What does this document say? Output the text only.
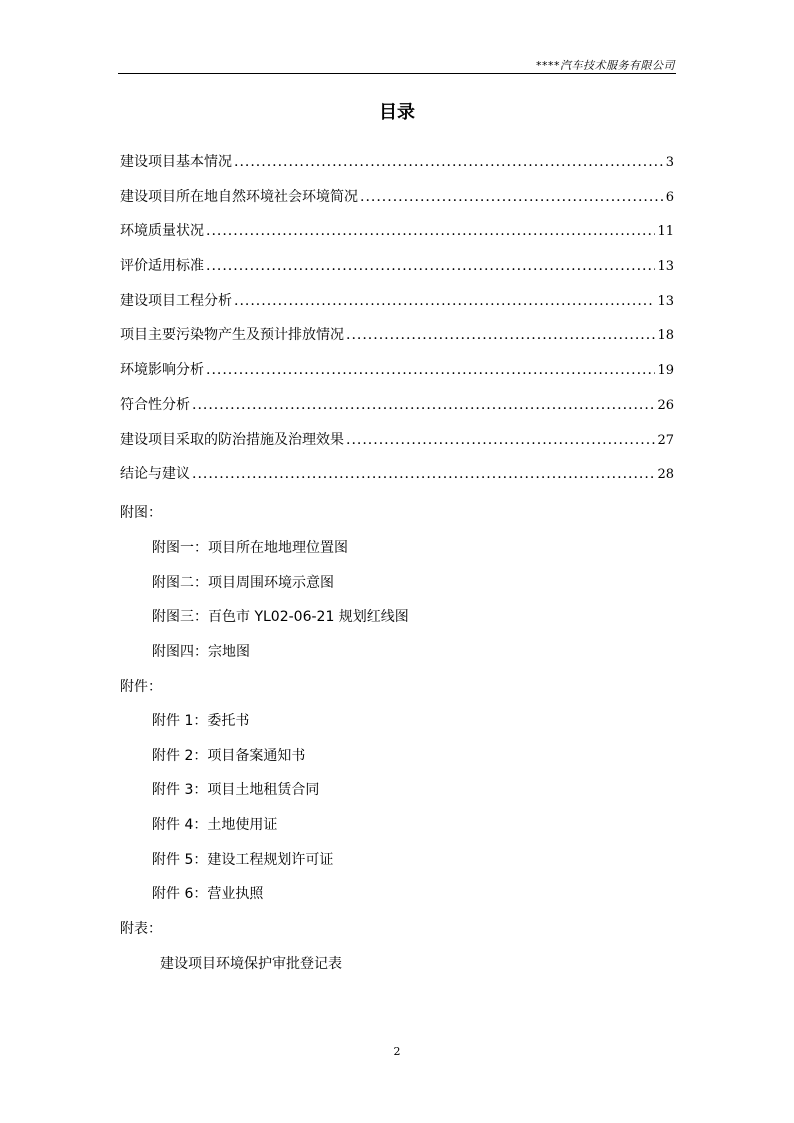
****汽车技术服务有限公司
目录
建设项目基本情况 .....	3
建设项目所在地自然环境社会环境简况 .....	6
环境质量状况 .....	11
评价适用标准 .....	13
建设项目工程分析 .....	13
项目主要污染物产生及预计排放情况 .....	18
环境影响分析 .....	19
符合性分析 .....	26
建设项目采取的防治措施及治理效果 .....	27
结论与建议 .....	28
附图：
附图一：项目所在地地理位置图
附图二：项目周围环境示意图
附图三：百色市 YL02-06-21 规划红线图
附图四：宗地图
附件：
附件 1：委托书
附件 2：项目备案通知书
附件 3：项目土地租赁合同
附件 4：土地使用证
附件 5：建设工程规划许可证
附件 6：营业执照
附表：
建设项目环境保护审批登记表
2
